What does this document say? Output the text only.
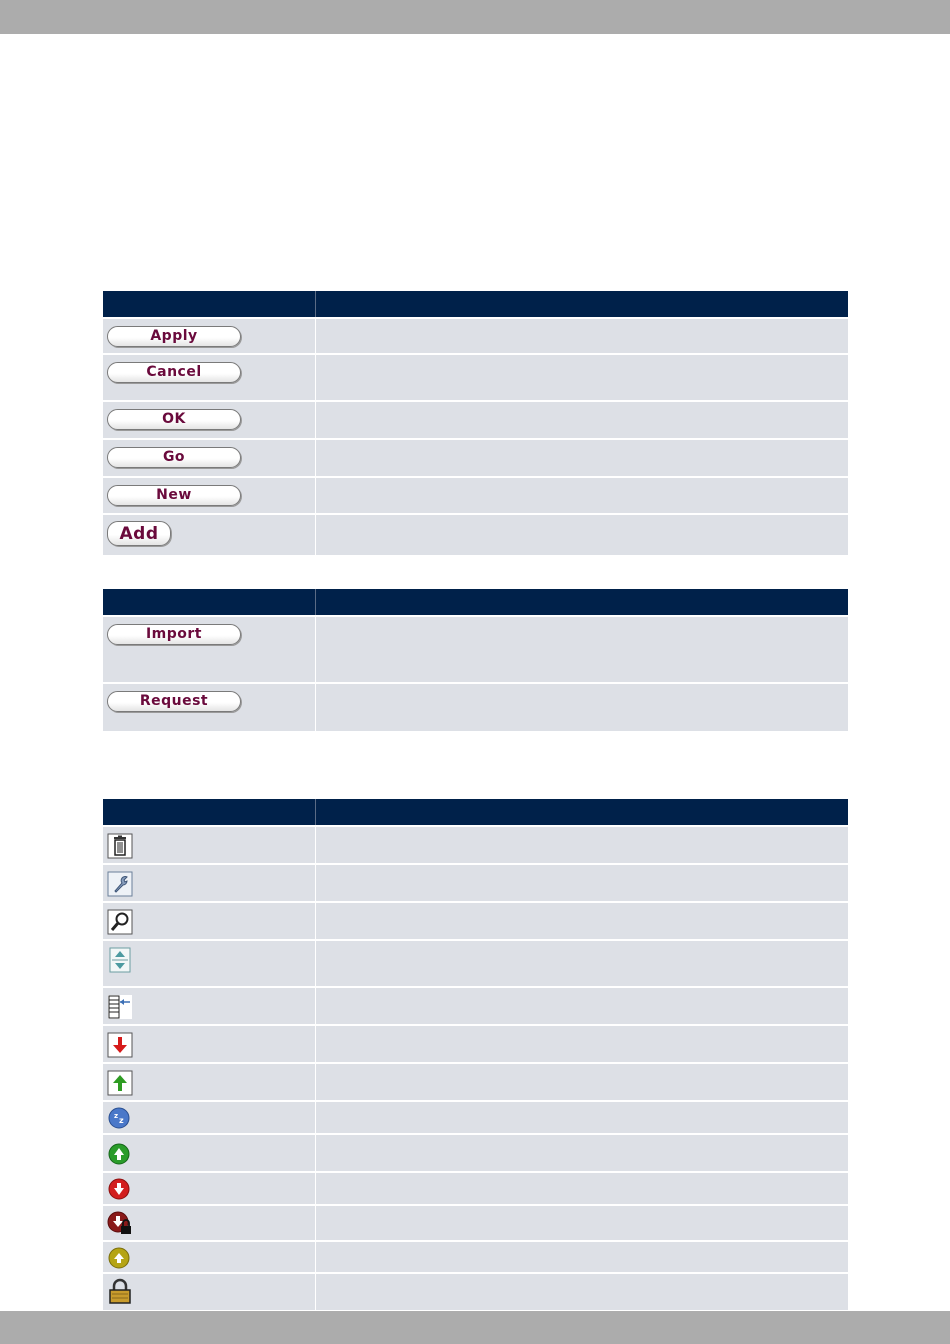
Apply	
Cancel	
OK	
Go	
New	
Add	

Import	
Request	

z z	
